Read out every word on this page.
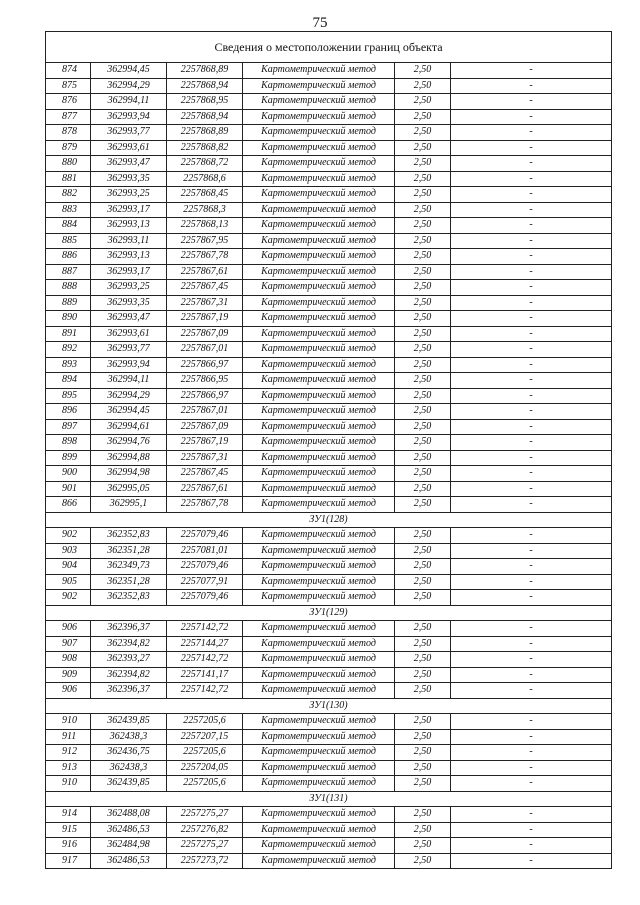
75
Сведения о местоположении границ объекта					
874	362994,45	2257868,89	Картометрический метод	2,50	-
875	362994,29	2257868,94	Картометрический метод	2,50	-
876	362994,11	2257868,95	Картометрический метод	2,50	-
877	362993,94	2257868,94	Картометрический метод	2,50	-
878	362993,77	2257868,89	Картометрический метод	2,50	-
879	362993,61	2257868,82	Картометрический метод	2,50	-
880	362993,47	2257868,72	Картометрический метод	2,50	-
881	362993,35	2257868,6	Картометрический метод	2,50	-
882	362993,25	2257868,45	Картометрический метод	2,50	-
883	362993,17	2257868,3	Картометрический метод	2,50	-
884	362993,13	2257868,13	Картометрический метод	2,50	-
885	362993,11	2257867,95	Картометрический метод	2,50	-
886	362993,13	2257867,78	Картометрический метод	2,50	-
887	362993,17	2257867,61	Картометрический метод	2,50	-
888	362993,25	2257867,45	Картометрический метод	2,50	-
889	362993,35	2257867,31	Картометрический метод	2,50	-
890	362993,47	2257867,19	Картометрический метод	2,50	-
891	362993,61	2257867,09	Картометрический метод	2,50	-
892	362993,77	2257867,01	Картометрический метод	2,50	-
893	362993,94	2257866,97	Картометрический метод	2,50	-
894	362994,11	2257866,95	Картометрический метод	2,50	-
895	362994,29	2257866,97	Картометрический метод	2,50	-
896	362994,45	2257867,01	Картометрический метод	2,50	-
897	362994,61	2257867,09	Картометрический метод	2,50	-
898	362994,76	2257867,19	Картометрический метод	2,50	-
899	362994,88	2257867,31	Картометрический метод	2,50	-
900	362994,98	2257867,45	Картометрический метод	2,50	-
901	362995,05	2257867,61	Картометрический метод	2,50	-
866	362995,1	2257867,78	Картометрический метод	2,50	-
ЗУ1(128)					
902	362352,83	2257079,46	Картометрический метод	2,50	-
903	362351,28	2257081,01	Картометрический метод	2,50	-
904	362349,73	2257079,46	Картометрический метод	2,50	-
905	362351,28	2257077,91	Картометрический метод	2,50	-
902	362352,83	2257079,46	Картометрический метод	2,50	-
ЗУ1(129)					
906	362396,37	2257142,72	Картометрический метод	2,50	-
907	362394,82	2257144,27	Картометрический метод	2,50	-
908	362393,27	2257142,72	Картометрический метод	2,50	-
909	362394,82	2257141,17	Картометрический метод	2,50	-
906	362396,37	2257142,72	Картометрический метод	2,50	-
ЗУ1(130)					
910	362439,85	2257205,6	Картометрический метод	2,50	-
911	362438,3	2257207,15	Картометрический метод	2,50	-
912	362436,75	2257205,6	Картометрический метод	2,50	-
913	362438,3	2257204,05	Картометрический метод	2,50	-
910	362439,85	2257205,6	Картометрический метод	2,50	-
ЗУ1(131)					
914	362488,08	2257275,27	Картометрический метод	2,50	-
915	362486,53	2257276,82	Картометрический метод	2,50	-
916	362484,98	2257275,27	Картометрический метод	2,50	-
917	362486,53	2257273,72	Картометрический метод	2,50	-
